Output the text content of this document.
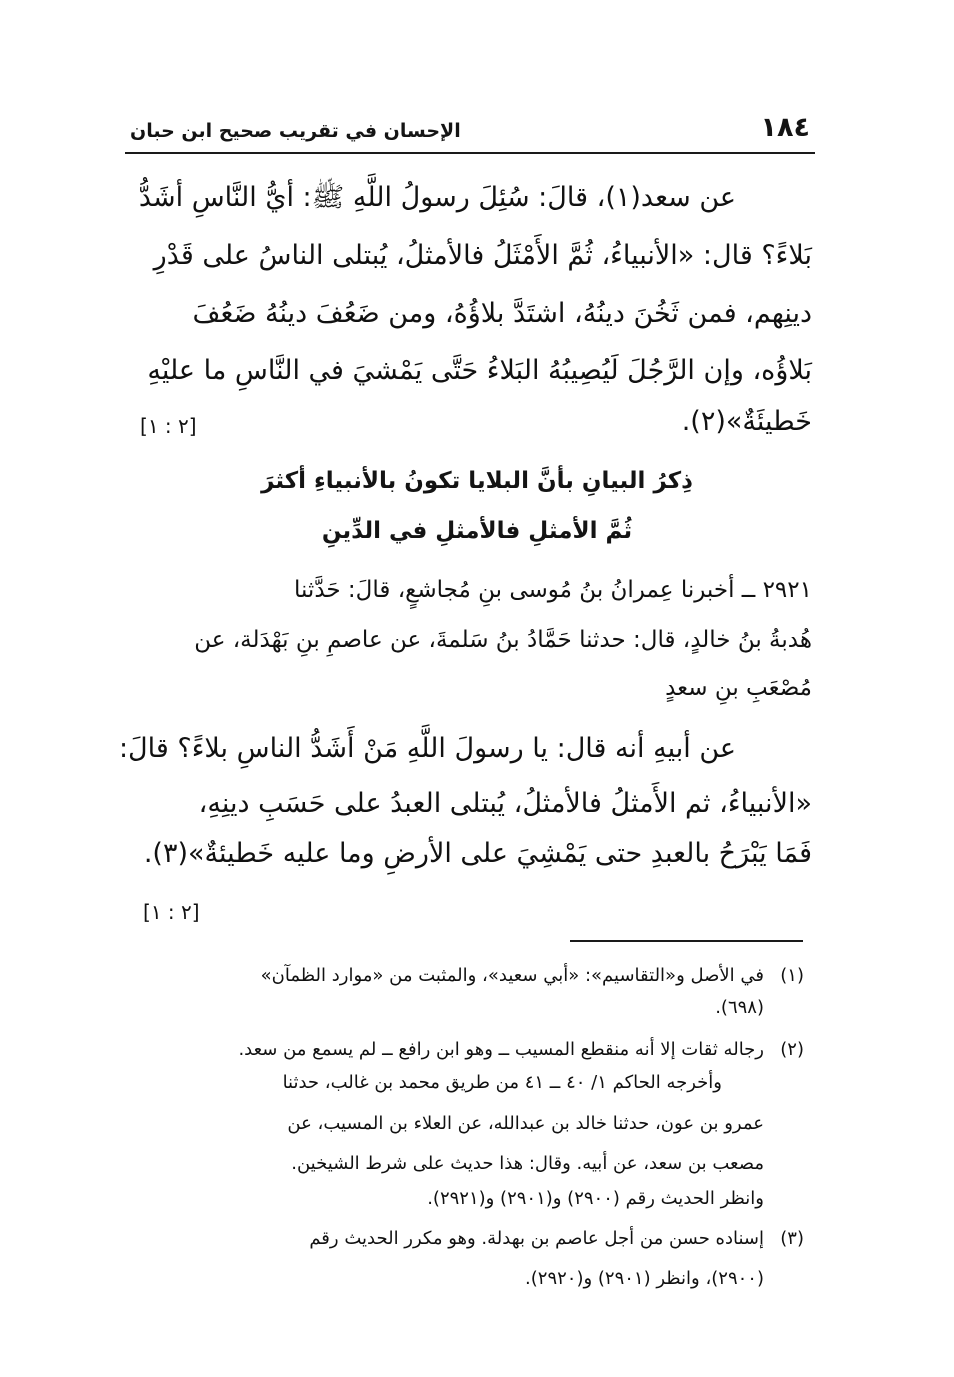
١٨٤
الإحسان في تقريب صحيح ابن حبان
عن سعد(١)، قالَ: سُئِلَ رسولُ اللَّهِ ﷺ: أيُّ النَّاسِ أشَدُّ
بَلاءً؟ قال: «الأنبياءُ، ثُمَّ الأَمْثَلُ فالأمثلُ، يُبتلى الناسُ على قَدْرِ
دينِهم، فمن ثَخُنَ دينُهُ، اشتَدَّ بلاؤُهُ، ومن ضَعُفَ دينُهُ ضَعُفَ
بَلاؤُه، وإن الرَّجُلَ لَيُصِيبُهُ البَلاءُ حَتَّى يَمْشيَ في النَّاسِ ما عليْهِ
خَطيئَةٌ»(٢).
[٢ : ١]
ذِكرُ البيانِ بأنَّ البلايا تكونُ بالأنبياءِ أكثرَ
ثُمَّ الأمثلِ فالأمثلِ في الدِّينِ
٢٩٢١ ــ أخبرنا عِمرانُ بنُ مُوسى بنِ مُجاشعٍ، قالَ: حَدَّثنا
هُدبةُ بنُ خالدٍ، قال: حدثنا حَمَّادُ بنُ سَلمةَ، عن عاصمِ بنِ بَهْدَلة، عن
مُصْعَبِ بنِ سعدٍ
عن أبيهِ أنه قال: يا رسولَ اللَّهِ مَنْ أَشَدُّ الناسِ بلاءً؟ قالَ:
«الأنبياءُ، ثم الأَمثلُ فالأمثلُ، يُبتلى العبدُ على حَسَبِ دينِهِ،
فَمَا يَبْرَحُ بالعبدِ حتى يَمْشِيَ على الأرضِ وما عليه خَطيئةٌ»(٣).
[٢ : ١]
(١)
في الأصل و«التقاسيم»: «أبي سعيد»، والمثبت من «موارد الظمآن»
(٦٩٨).
(٢)
رجاله ثقات إلا أنه منقطع المسيب ــ وهو ابن رافع ــ لم يسمع من سعد.
وأخرجه الحاكم ١/ ٤٠ ــ ٤١ من طريق محمد بن غالب، حدثنا
عمرو بن عون، حدثنا خالد بن عبدالله، عن العلاء بن المسيب، عن
مصعب بن سعد، عن أبيه. وقال: هذا حديث على شرط الشيخين.
وانظر الحديث رقم (٢٩٠٠) و(٢٩٠١) و(٢٩٢١).
(٣)
إسناده حسن من أجل عاصم بن بهدلة. وهو مكرر الحديث رقم
(٢٩٠٠)، وانظر (٢٩٠١) و(٢٩٢٠).
